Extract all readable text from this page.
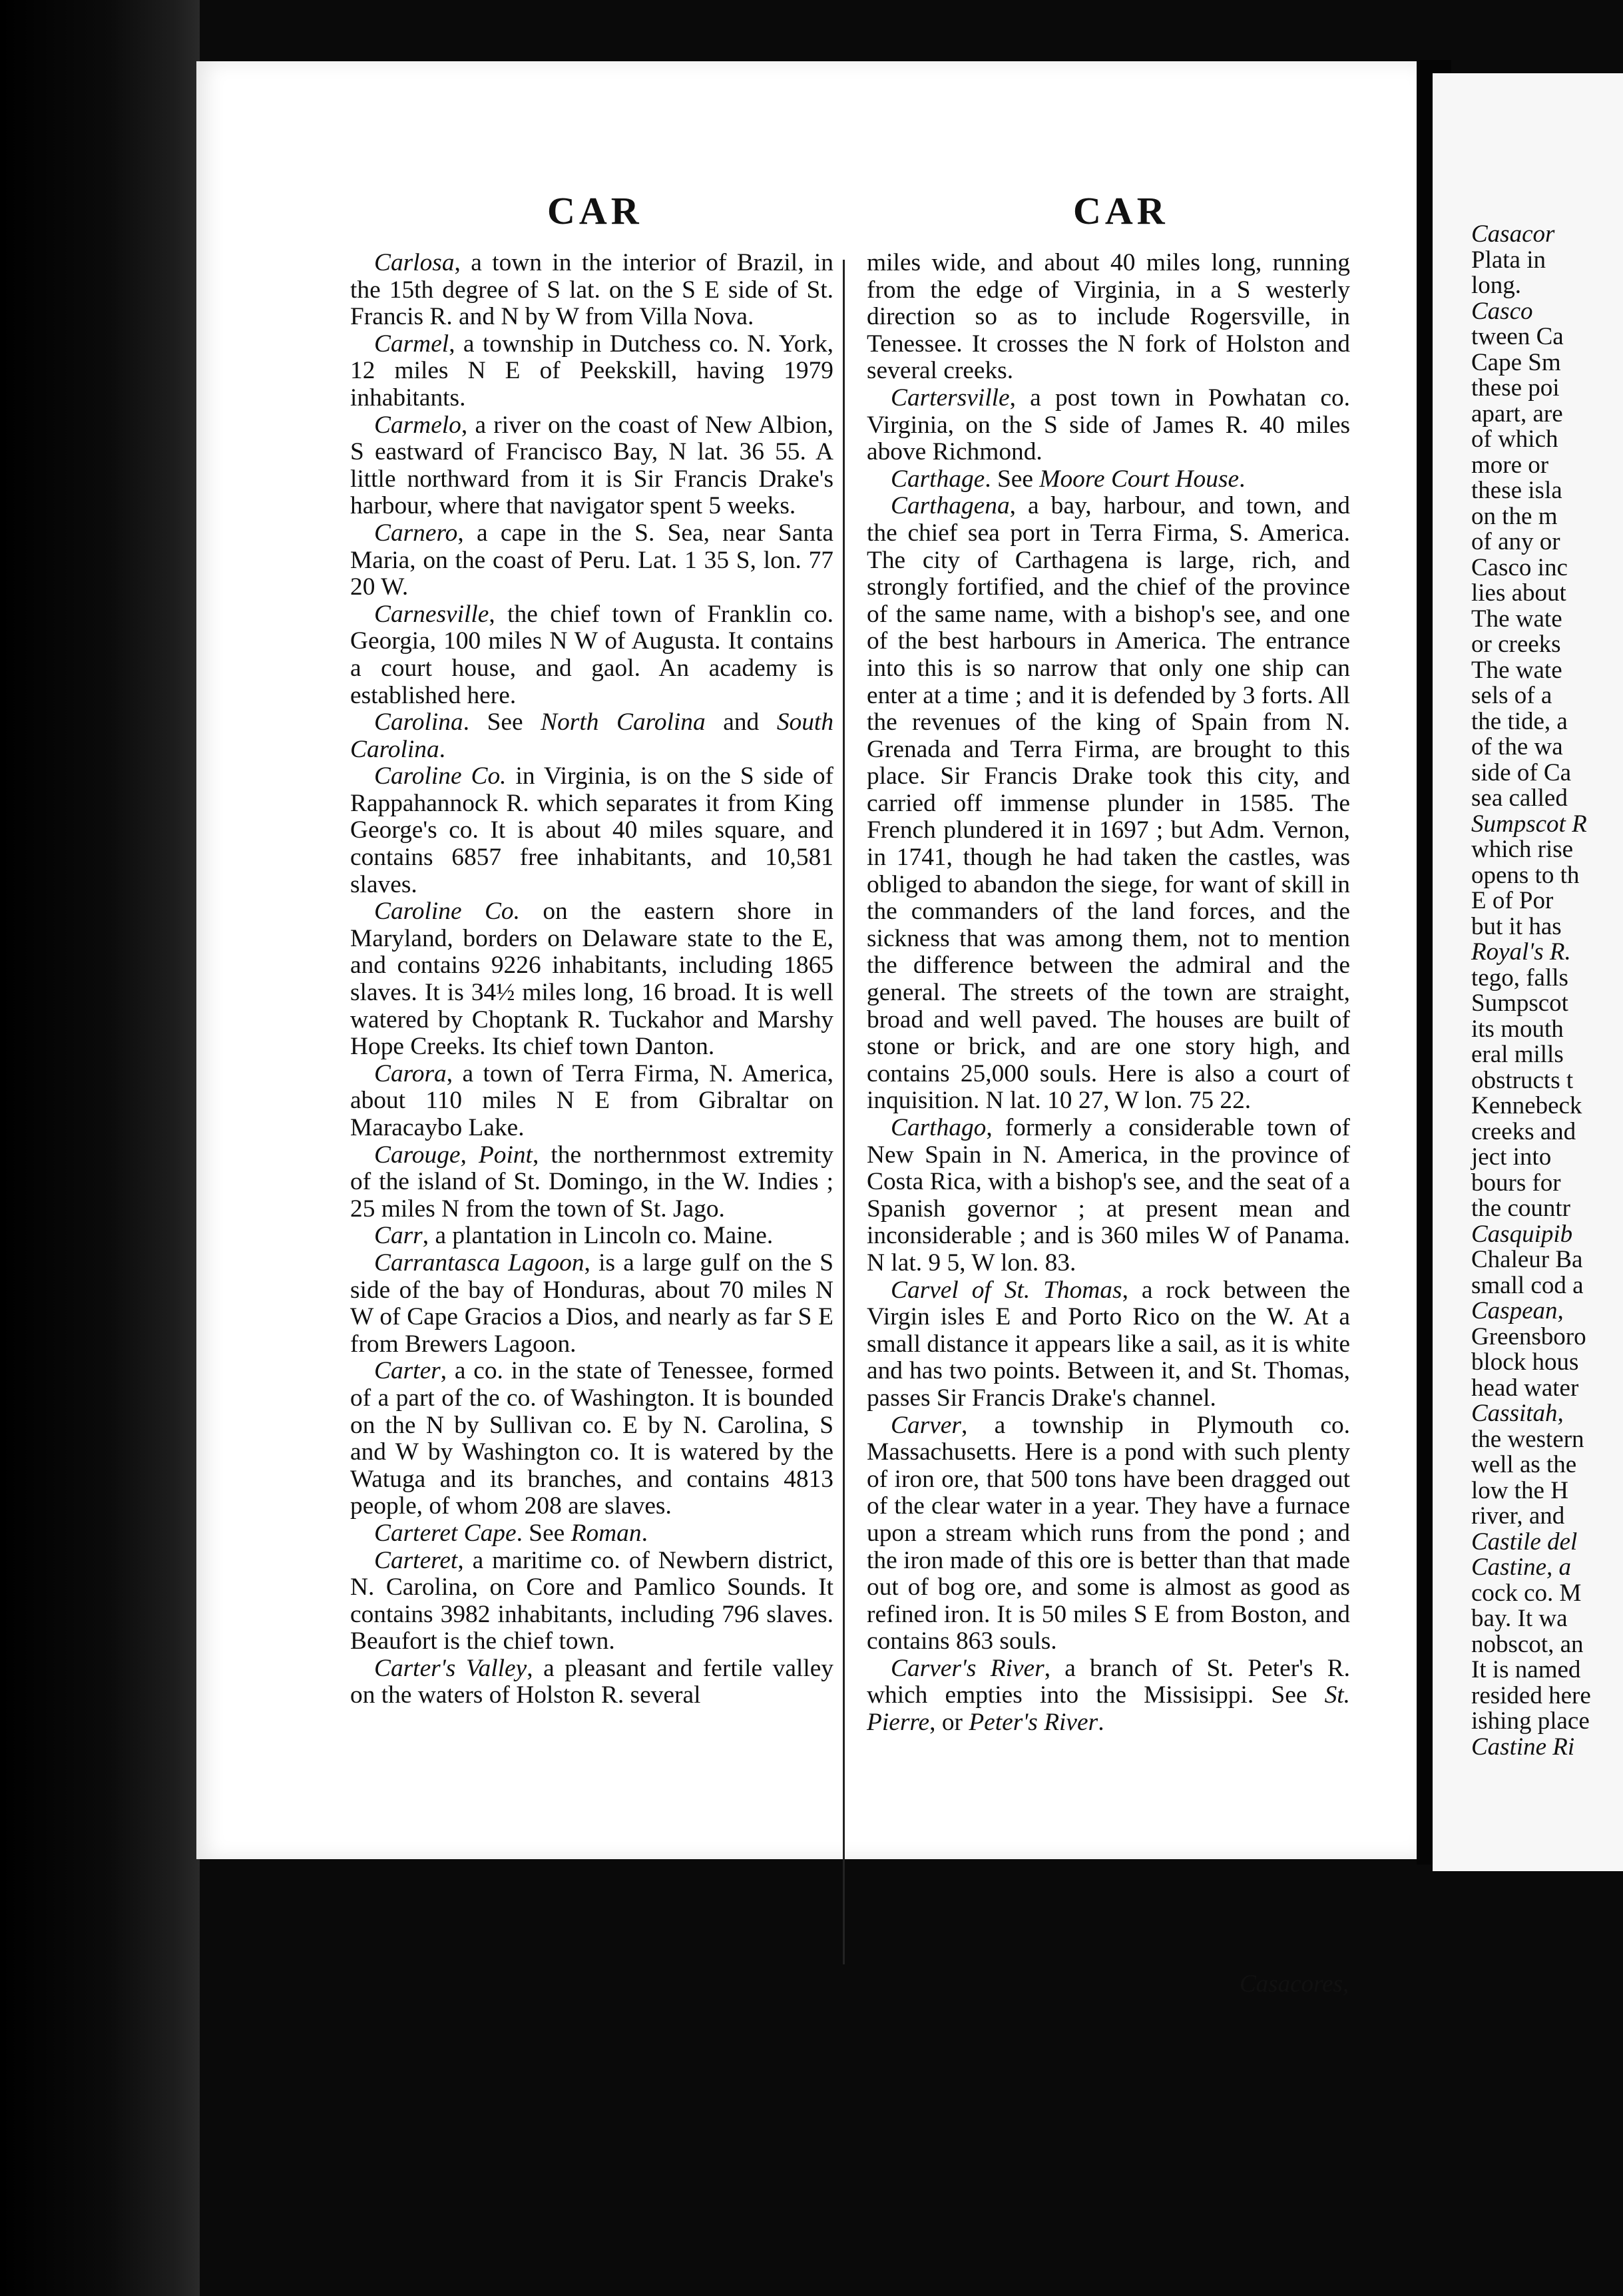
Casacor
Plata in
long.
Casco
tween Ca
Cape Sm
these poi
apart, are
of which
more or
these isla
on the m
of any or
Casco inc
lies about
The wate
or creeks
The wate
sels of a
the tide, a
of the wa
side of Ca
sea called
Sumpscot R
which rise
opens to th
E of Por
but it has
Royal's R.
tego, falls
Sumpscot
its mouth
eral mills
obstructs t
Kennebeck
creeks and
ject into
bours for
the countr
Casquipib
Chaleur Ba
small cod a
Caspean,
Greensboro
block hous
head water
Cassitah,
the western
well as the
low the H
river, and
Castile del
Castine, a
cock co. M
bay. It wa
nobscot, an
It is named
resided here
ishing place
Castine Ri
CAR	CAR

Carlosa, a town in the interior of Brazil, in the 15th degree of S lat. on the S E side of St. Francis R. and N by W from Villa Nova.

Carmel, a township in Dutchess co. N. York, 12 miles N E of Peekskill, having 1979 inhabitants.

Carmelo, a river on the coast of New Albion, S eastward of Francisco Bay, N lat. 36 55. A little northward from it is Sir Francis Drake's harbour, where that navigator spent 5 weeks.

Carnero, a cape in the S. Sea, near Santa Maria, on the coast of Peru. Lat. 1 35 S, lon. 77 20 W.

Carnesville, the chief town of Franklin co. Georgia, 100 miles N W of Augusta. It contains a court house, and gaol. An academy is established here.

Carolina. See North Carolina and South Carolina.

Caroline Co. in Virginia, is on the S side of Rappahannock R. which separates it from King George's co. It is about 40 miles square, and contains 6857 free inhabitants, and 10,581 slaves.

Caroline Co. on the eastern shore in Maryland, borders on Delaware state to the E, and contains 9226 inhabitants, including 1865 slaves. It is 34½ miles long, 16 broad. It is well watered by Choptank R. Tuckahor and Marshy Hope Creeks. Its chief town Danton.

Carora, a town of Terra Firma, N. America, about 110 miles N E from Gibraltar on Maracaybo Lake.

Carouge, Point, the northernmost extremity of the island of St. Domingo, in the W. Indies ; 25 miles N from the town of St. Jago.

Carr, a plantation in Lincoln co. Maine.

Carrantasca Lagoon, is a large gulf on the S side of the bay of Honduras, about 70 miles N W of Cape Gracios a Dios, and nearly as far S E from Brewers Lagoon.

Carter, a co. in the state of Tenessee, formed of a part of the co. of Washington. It is bounded on the N by Sullivan co. E by N. Carolina, S and W by Washington co. It is watered by the Watuga and its branches, and contains 4813 people, of whom 208 are slaves.

Carteret Cape. See Roman.

Carteret, a maritime co. of Newbern district, N. Carolina, on Core and Pamlico Sounds. It contains 3982 inhabitants, including 796 slaves. Beaufort is the chief town.

Carter's Valley, a pleasant and fertile valley on the waters of Holston R. several

miles wide, and about 40 miles long, running from the edge of Virginia, in a S westerly direction so as to include Rogersville, in Tenessee. It crosses the N fork of Holston and several creeks.

Cartersville, a post town in Powhatan co. Virginia, on the S side of James R. 40 miles above Richmond.

Carthage. See Moore Court House.

Carthagena, a bay, harbour, and town, and the chief sea port in Terra Firma, S. America. The city of Carthagena is large, rich, and strongly fortified, and the chief of the province of the same name, with a bishop's see, and one of the best harbours in America. The entrance into this is so narrow that only one ship can enter at a time ; and it is defended by 3 forts. All the revenues of the king of Spain from N. Grenada and Terra Firma, are brought to this place. Sir Francis Drake took this city, and carried off immense plunder in 1585. The French plundered it in 1697 ; but Adm. Vernon, in 1741, though he had taken the castles, was obliged to abandon the siege, for want of skill in the commanders of the land forces, and the sickness that was among them, not to mention the difference between the admiral and the general. The streets of the town are straight, broad and well paved. The houses are built of stone or brick, and are one story high, and contains 25,000 souls. Here is also a court of inquisition. N lat. 10 27, W lon. 75 22.

Carthago, formerly a considerable town of New Spain in N. America, in the province of Costa Rica, with a bishop's see, and the seat of a Spanish governor ; at present mean and inconsiderable ; and is 360 miles W of Panama. N lat. 9 5, W lon. 83.

Carvel of St. Thomas, a rock between the Virgin isles E and Porto Rico on the W. At a small distance it appears like a sail, as it is white and has two points. Between it, and St. Thomas, passes Sir Francis Drake's channel.

Carver, a township in Plymouth co. Massachusetts. Here is a pond with such plenty of iron ore, that 500 tons have been dragged out of the clear water in a year. They have a furnace upon a stream which runs from the pond ; and the iron made of this ore is better than that made out of bog ore, and some is almost as good as refined iron. It is 50 miles S E from Boston, and contains 863 souls.

Carver's River, a branch of St. Peter's R. which empties into the Missisippi. See St. Pierre, or Peter's River.

Casacores,
